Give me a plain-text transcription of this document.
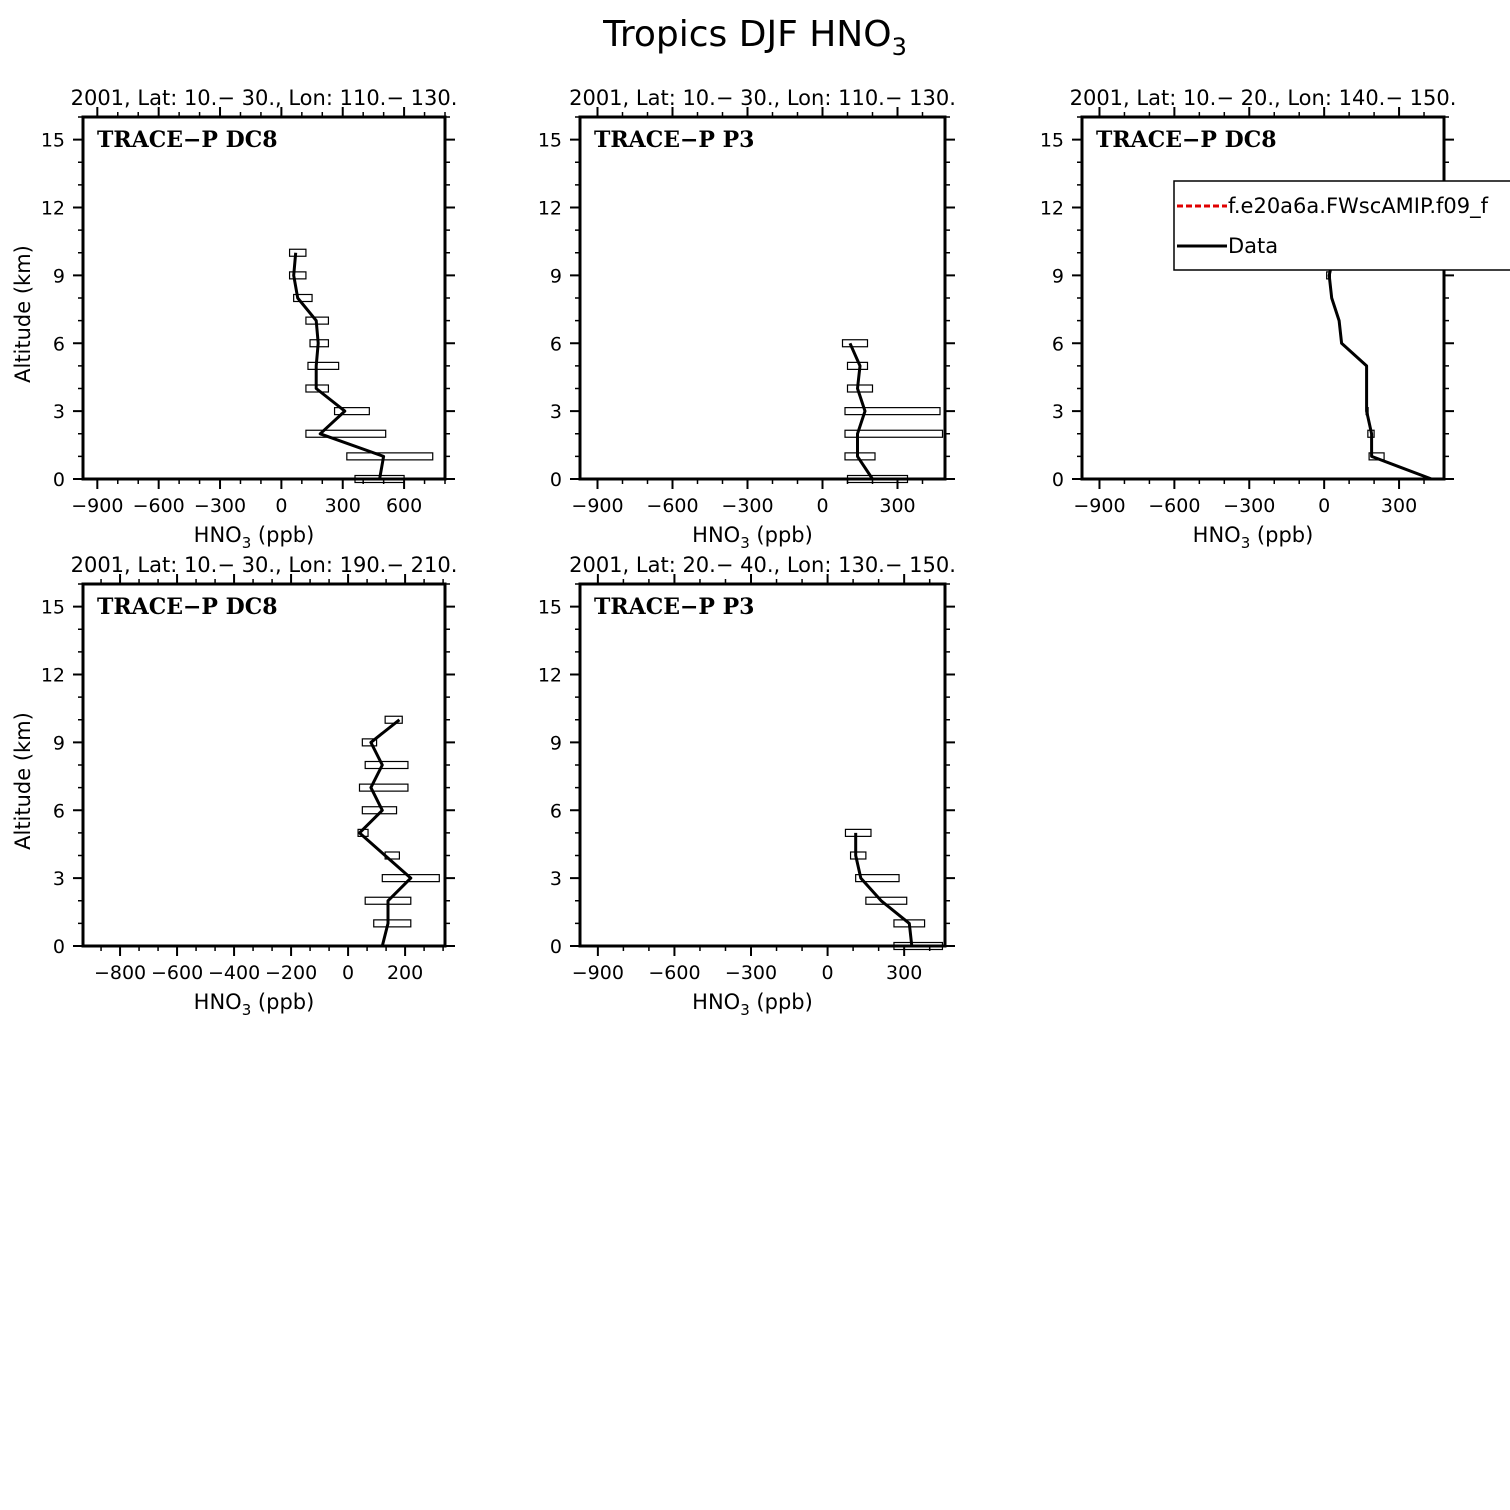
Tropics DJF $HNO_3$
2001, Lat: 10.− 30., Lon: 110.− 130.
TRACE−P DC8
0
3
6
9
12
15
−900 −600 −300 0 300 600
$HNO_3$ (ppb)
Altitude (km)
2001, Lat: 10.− 30., Lon: 110.− 130.
TRACE−P P3
0
3
6
9
12
15
−900 −600 −300 0	300
$HNO_3$ (ppb)
2001, Lat: 10.− 20., Lon: 140.− 150.
TRACE−P DC8
0
3
6
9
12
15
−900 −600 −300 0	300
$HNO_3$ (ppb)
2001, Lat: 10.− 30., Lon: 190.− 210.
TRACE−P DC8
0
3
6
9
12
15
−800 −600 −400 −200 0 200
$HNO_3$ (ppb)
Altitude (km)
2001, Lat: 20.− 40., Lon: 130.− 150.
TRACE−P P3
0
3
6
9
12
15
−900 −600 −300 0	300
$HNO_3$ (ppb)
f.e20a6a.FWscAMIP.f09_f
Data
